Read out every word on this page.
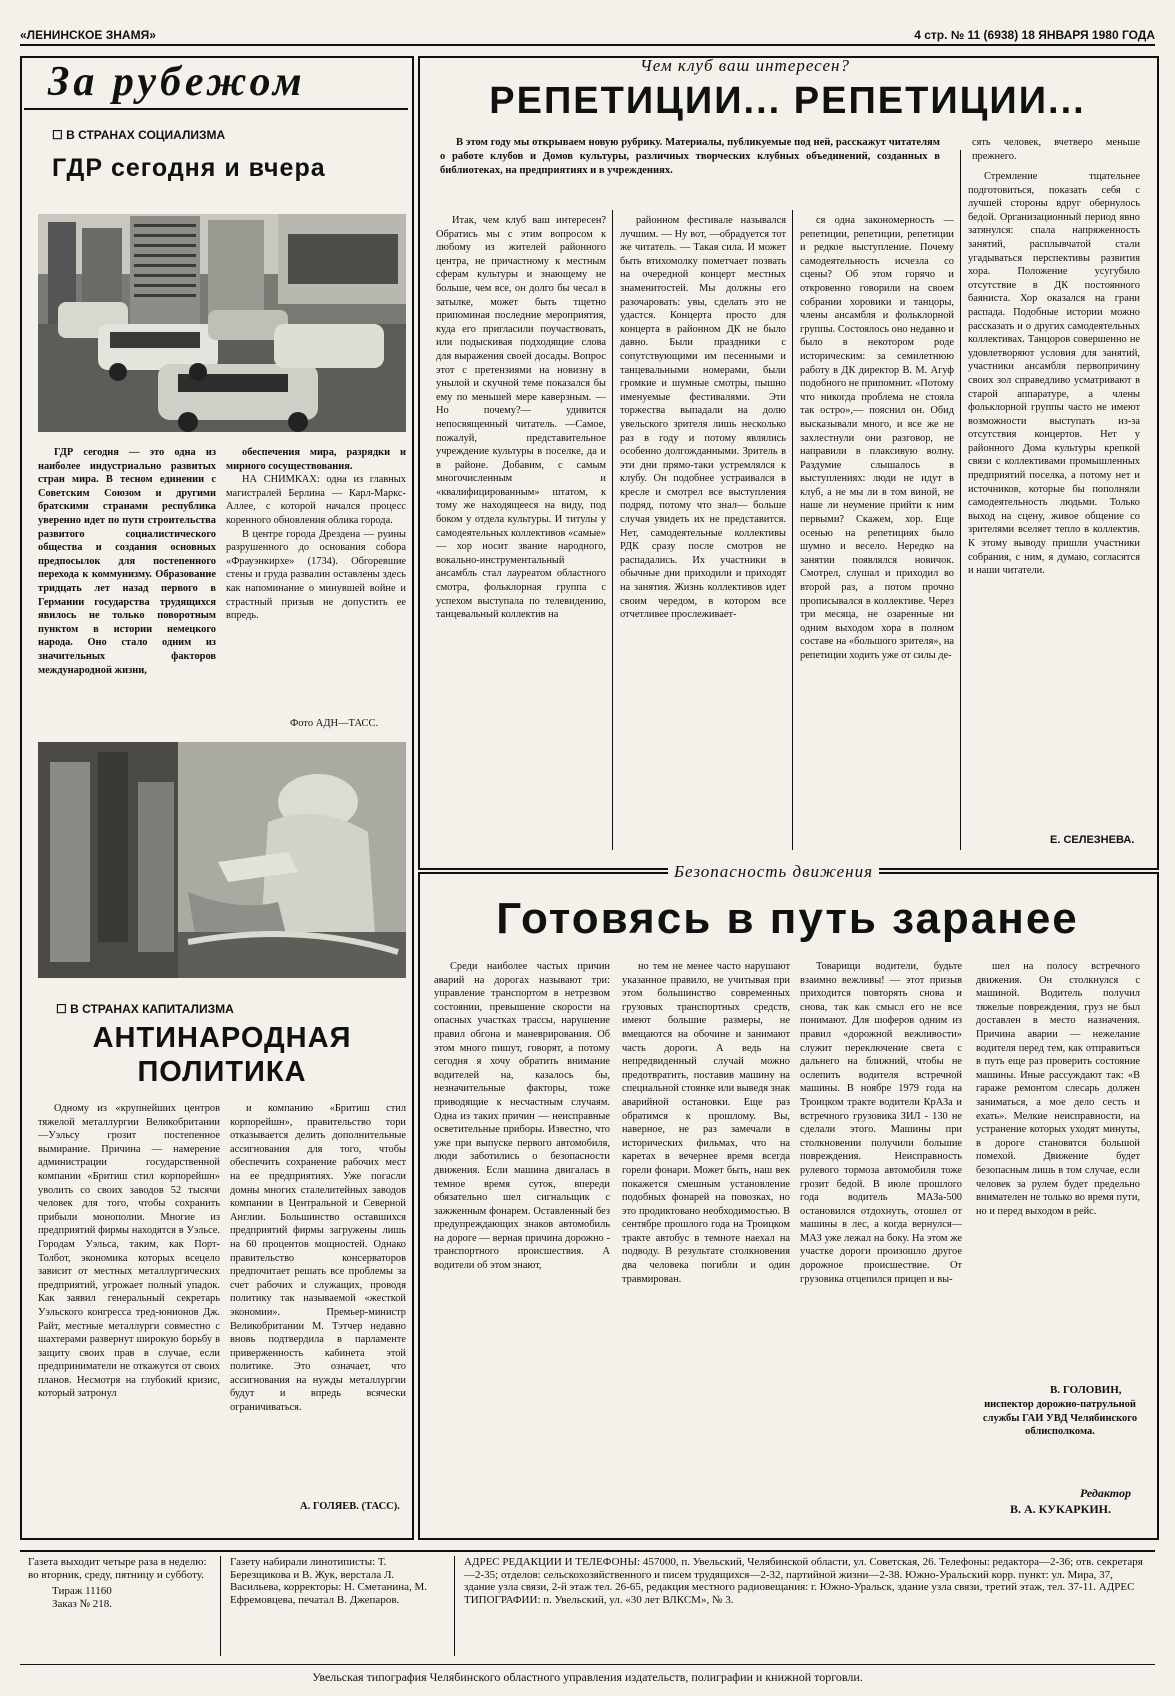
«ЛЕНИНСКОЕ ЗНАМЯ»	4 стр. № 11 (6938) 18 ЯНВАРЯ 1980 ГОДА
За рубежом
☐ В СТРАНАХ СОЦИАЛИЗМА
ГДР сегодня и вчера

ГДР сегодня — это одна из наиболее индустриально развитых стран мира. В тесном единении с Советским Союзом и другими братскими странами республика уверенно идет по пути строительства развитого социалистического общества и создания основных предпосылок для постепенного перехода к коммунизму. Образование тридцать лет назад первого в Германии государства трудящихся явилось не только поворотным пунктом в истории немецкого народа. Оно стало одним из значительных факторов международной жизни,

обеспечения мира, разрядки и мирного сосуществования.

НА СНИМКАХ: одна из главных магистралей Берлина — Карл-Маркс-Аллее, с которой начался процесс коренного обновления облика города.

В центре города Дрездена — руины разрушенного до основания собора «Фрауэнкирхе» (1734). Обгоревшие стены и груда развалин оставлены здесь как напоминание о минувшей войне и страстный призыв не допустить ее впредь.

Фото АДН—ТАСС.
☐ В СТРАНАХ КАПИТАЛИЗМА
АНТИНАРОДНАЯ
ПОЛИТИКА

Одному из «крупнейших центров тяжелой металлургии Великобритании—Уэльсу грозит постепенное вымирание. Причина — намерение администрации государственной компании «Бритиш стил корпорейшн» уволить со своих заводов 52 тысячи человек для того, чтобы сохранить прибыли монополии. Многие из предприятий фирмы находятся в Уэльсе. Городам Уэльса, таким, как Порт-Толбот, экономика которых всецело зависит от местных металлургических предприятий, угрожает полный упадок. Как заявил генеральный секретарь Уэльского конгресса тред-юнионов Дж. Райт, местные металлурги совместно с шахтерами развернут широкую борьбу в защиту своих прав в случае, если предприниматели не откажутся от своих планов. Несмотря на глубокий кризис, который затронул

и компанию «Бритиш стил корпорейшн», правительство тори отказывается делить дополнительные ассигнования для того, чтобы обеспечить сохранение рабочих мест на ее предприятиях. Уже погасли домны многих сталелитейных заводов компании в Центральной и Северной Англии. Большинство оставшихся предприятий фирмы загружены лишь на 60 процентов мощностей. Однако правительство консерваторов предпочитает решать все проблемы за счет рабочих и служащих, проводя политику так называемой «жесткой экономии». Премьер-министр Великобритании М. Тэтчер недавно вновь подтвердила в парламенте приверженность кабинета этой политике. Это означает, что ассигнования на нужды металлургии будут и впредь всячески ограничиваться.

А. ГОЛЯЕВ. (ТАСС).
Чем клуб ваш интересен?
РЕПЕТИЦИИ... РЕПЕТИЦИИ...

В этом году мы открываем новую рубрику. Материалы, публикуемые под ней, расскажут читателям о работе клубов и Домов культуры, различных творческих клубных объединений, созданных в библиотеках, на предприятиях и в учреждениях.

сять человек, вчетверо меньше прежнего.

Итак, чем клуб ваш интересен? Обратись мы с этим вопросом к любому из жителей районного центра, не причастному к местным сферам культуры и знающему не больше, чем все, он долго бы чесал в затылке, может быть тщетно припоминая последние мероприятия, куда его пригласили поучаствовать, или подыскивая подходящие слова для выражения своей досады. Вопрос этот с претензиями на новизну в унылой и скучной теме показался бы ему по меньшей мере каверзным. — Но почему?— удивится непосвященный читатель. —Самое, пожалуй, представительное учреждение культуры в поселке, да и в районе. Добавим, с самым многочисленным и «квалифицированным» штатом, к тому же находящееся на виду, под боком у отдела культуры. И титулы у самодеятельных коллективов «самые» — хор носит звание народного, вокально-инструментальный ансамбль стал лауреатом областного смотра, фольклорная группа с успехом выступала по телевидению, танцевальный коллектив на

районном фестивале назывался лучшим. — Ну вот, —обрадуется тот же читатель. — Такая сила. И может быть втихомолку пометчает позвать на очередной концерт местных знаменитостей. Мы должны его разочаровать: увы, сделать это не удастся. Концерта просто для концерта в районном ДК не было давно. Были праздники с сопутствующими им песенными и танцевальными номерами, были громкие и шумные смотры, пышно именуемые фестивалями. Эти торжества выпадали на долю увельского зрителя лишь несколько раз в году и потому являлись особенно долгожданными. Зритель в эти дни прямо-таки устремлялся к клубу. Он подобнее устраивался в кресле и смотрел все выступления подряд, потому что знал— больше случая увидеть их не представится. Нет, самодеятельные коллективы РДК сразу после смотров не распадались. Их участники в обычные дни приходили и приходят на занятия. Жизнь коллективов идет своим чередом, в котором все отчетливее прослеживает-

ся одна закономерность — репетиции, репетиции, репетиции и редкое выступление. Почему самодеятельность исчезла со сцены? Об этом горячо и откровенно говорили на своем собрании хоровики и танцоры, члены ансамбля и фольклорной группы. Состоялось оно недавно и было в некотором роде историческим: за семилетнюю работу в ДК директор В. М. Агуф подобного не припомнит. «Потому что никогда проблема не стояла так остро»,— пояснил он. Обид высказывали много, и все же не захлестнули они разговор, не направили в плаксивую волну. Раздумие слышалось в выступлениях: люди не идут в клуб, а не мы ли в том виной, не наше ли неумение прийти к ним первыми? Скажем, хор. Еще осенью на репетициях было шумно и весело. Нередко на занятии появлялся новичок. Смотрел, слушал и приходил во второй раз, а потом прочно прописывался в коллективе. Через три месяца, не озаренные ни одним выходом хора в полном составе на «большого зрителя», на репетиции ходить уже от силы де-

Стремление тщательнее подготовиться, показать себя с лучшей стороны вдруг обернулось бедой. Организационный период явно затянулся: спала напряженность занятий, расплывчатой стали угадываться перспективы развития хора. Положение усугубило отсутствие в ДК постоянного баяниста. Хор оказался на грани распада. Подобные истории можно рассказать и о других самодеятельных коллективах. Танцоров совершенно не удовлетворяют условия для занятий, участники ансамбля первопричину своих зол справедливо усматривают в старой аппаратуре, а члены фольклорной группы часто не имеют возможности выступать из-за отсутствия концертов. Нет у районного Дома культуры крепкой связи с коллективами промышленных предприятий поселка, а потому нет и источников, которые бы пополняли самодеятельность людьми. Только выход на сцену, живое общение со зрителями вселяет тепло в коллектив. К этому выводу пришли участники собрания, с ним, я думаю, согласятся и наши читатели.

Е. СЕЛЕЗНЕВА.
Безопасность движения
Готовясь в путь заранее

Среди наиболее частых причин аварий на дорогах называют три: управление транспортом в нетрезвом состоянии, превышение скорости на опасных участках трассы, нарушение правил обгона и маневрирования. Об этом много пишут, говорят, а потому сегодня я хочу обратить внимание водителей на, казалось бы, незначительные факторы, тоже приводящие к несчастным случаям. Одна из таких причин — неисправные осветительные приборы. Известно, что уже при выпуске первого автомобиля, люди заботились о безопасности движения. Если машина двигалась в темное время суток, впереди обязательно шел сигнальщик с зажженным фонарем. Оставленный без предупреждающих знаков автомобиль на дороге — верная причина дорожно - транспортного происшествия. А водители об этом знают,

но тем не менее часто нарушают указанное правило, не учитывая при этом большинство современных грузовых транспортных средств, имеют большие размеры, не вмещаются на обочине и занимают часть дороги. А ведь на непредвиденный случай можно предотвратить, поставив машину на специальной стоянке или выведя знак аварийной остановки. Еще раз обратимся к прошлому. Вы, наверное, не раз замечали в исторических фильмах, что на каретах в вечернее время всегда горели фонари. Может быть, наш век покажется смешным установление подобных фонарей на повозках, но это продиктовано необходимостью. В сентябре прошлого года на Троицком тракте автобус в темноте наехал на подводу. В результате столкновения два человека погибли и один травмирован.

Товарищи водители, будьте взаимно вежливы! — этот призыв приходится повторять снова и снова, так как смысл его не все понимают. Для шоферов одним из правил «дорожной вежливости» служит переключение света с дальнего на ближний, чтобы не ослепить водителя встречной машины. В ноябре 1979 года на Троицком тракте водители КрАЗа и встречного грузовика ЗИЛ - 130 не сделали этого. Машины при столкновении получили большие повреждения. Неисправность рулевого тормоза автомобиля тоже грозит бедой. В июле прошлого года водитель МАЗа-500 остановился отдохнуть, отошел от машины в лес, а когда вернулся—МАЗ уже лежал на боку. На этом же участке дороги произошло другое дорожное происшествие. От грузовика отцепился прицеп и вы-

шел на полосу встречного движения. Он столкнулся с машиной. Водитель получил тяжелые повреждения, груз не был доставлен в место назначения. Причина аварии — нежелание водителя перед тем, как отправиться в путь еще раз проверить состояние машины. Иные рассуждают так: «В гараже ремонтом слесарь должен заниматься, а мое дело сесть и ехать». Мелкие неисправности, на устранение которых уходят минуты, в дороге становятся большой помехой. Движение будет безопасным лишь в том случае, если человек за рулем будет предельно внимателен не только во время пути, но и перед выходом в рейс.

В. ГОЛОВИН,
инспектор дорожно-патрульной службы ГАИ УВД Челябинского облисполкома.
Редактор
В. А. КУКАРКИН.
Газета выходит четыре раза в неделю: во вторник, среду, пятницу и субботу.
Тираж 11160
Заказ № 218.
Газету набирали линотиписты: Т. Березщикова и В. Жук, верстала Л. Васильева, корректоры: Н. Сметанина, М. Ефремовцева, печатал В. Джепаров.
АДРЕС РЕДАКЦИИ И ТЕЛЕФОНЫ: 457000, п. Увельский, Челябинской области, ул. Советская, 26. Телефоны: редактора—2-36; отв. секретаря—2-35; отделов: сельскохозяйственного и писем трудящихся—2-32, партийной жизни—2-38. Южно-Уральский корр. пункт: ул. Мира, 37, здание узла связи, 2-й этаж тел. 26-65, редакция местного радиовещания: г. Южно-Уральск, здание узла связи, третий этаж, тел. 37-11. АДРЕС ТИПОГРАФИИ: п. Увельский, ул. «30 лет ВЛКСМ», № 3.
Увельская типография Челябинского областного управления издательств, полиграфии и книжной торговли.
